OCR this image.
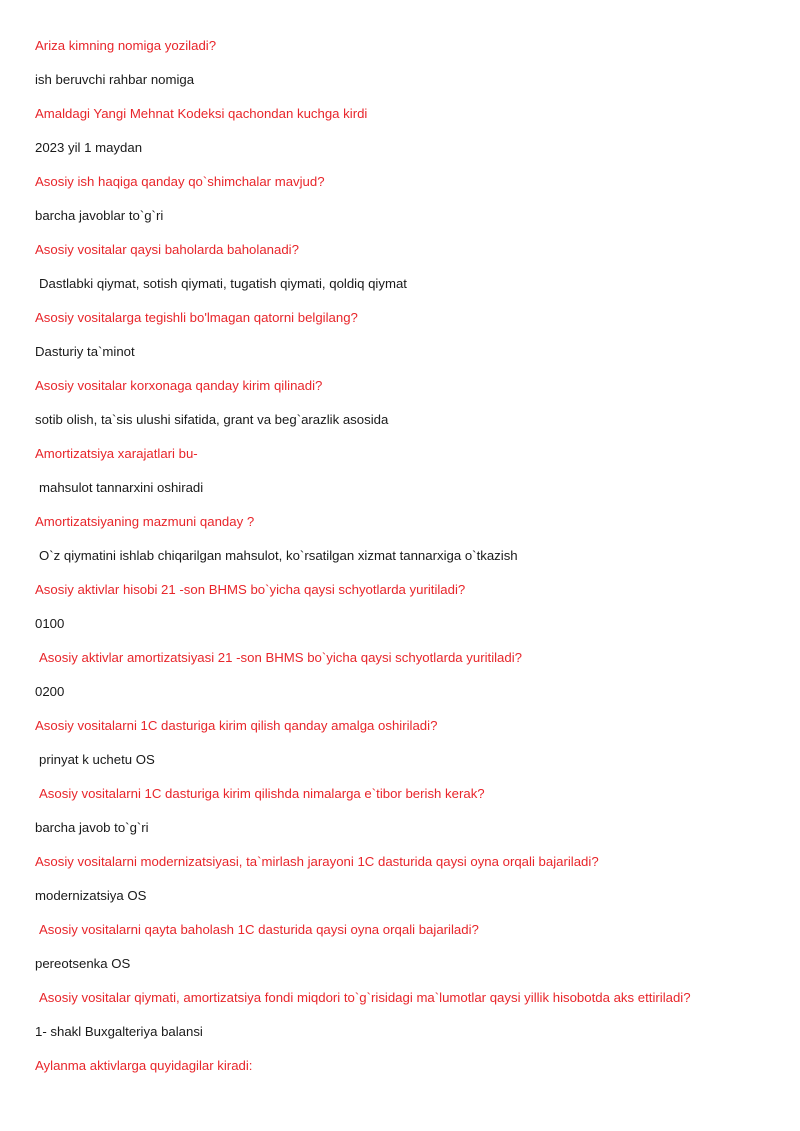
Ariza kimning nomiga yoziladi?
ish beruvchi rahbar nomiga
Amaldagi Yangi Mehnat Kodeksi qachondan kuchga kirdi
2023 yil 1 maydan
Asosiy ish haqiga qanday qo`shimchalar mavjud?
barcha javoblar to`g`ri
Asosiy vositalar qaysi baholarda baholanadi?
Dastlabki qiymat, sotish qiymati, tugatish qiymati, qoldiq qiymat
Asosiy vositalarga tegishli bo'lmagan qatorni belgilang?
Dasturiy ta`minot
Asosiy vositalar korxonaga qanday kirim qilinadi?
sotib olish, ta`sis ulushi sifatida, grant va beg`arazlik asosida
Amortizatsiya xarajatlari bu-
mahsulot tannarxini oshiradi
Amortizatsiyaning mazmuni qanday ?
O`z qiymatini ishlab chiqarilgan mahsulot, ko`rsatilgan xizmat tannarxiga o`tkazish
Asosiy aktivlar hisobi 21 -son BHMS bo`yicha qaysi schyotlarda yuritiladi?
0100
Asosiy aktivlar amortizatsiyasi 21 -son BHMS bo`yicha qaysi schyotlarda yuritiladi?
0200
Asosiy vositalarni 1C dasturiga kirim qilish qanday amalga oshiriladi?
prinyat k uchetu OS
Asosiy vositalarni 1C dasturiga kirim qilishda nimalarga e`tibor berish kerak?
barcha javob to`g`ri
Asosiy vositalarni modernizatsiyasi, ta`mirlash jarayoni 1C dasturida qaysi oyna orqali bajariladi?
modernizatsiya OS
Asosiy vositalarni qayta baholash 1C dasturida qaysi oyna orqali bajariladi?
pereotsenka OS
Asosiy vositalar qiymati, amortizatsiya fondi miqdori to`g`risidagi ma`lumotlar qaysi yillik hisobotda aks ettiriladi?
1- shakl Buxgalteriya balansi
Aylanma aktivlarga quyidagilar kiradi:
